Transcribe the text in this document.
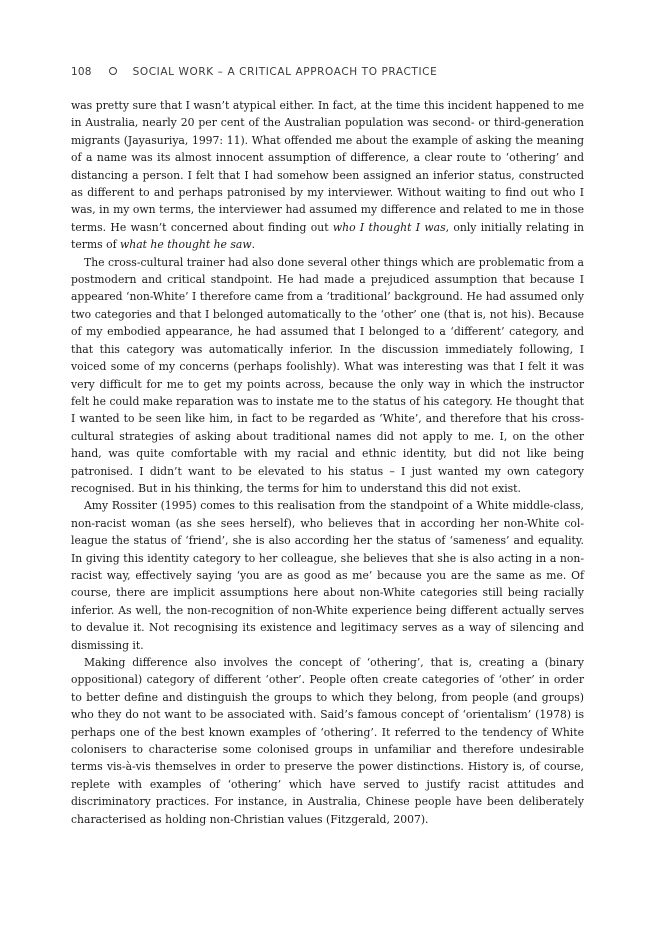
108	SOCIAL WORK – A CRITICAL APPROACH TO PRACTICE

was pretty sure that I wasn’t atypical either. In fact, at the time this incident happened to me in Australia, nearly 20 per cent of the Australian population was second- or third-generation migrants (Jayasuriya, 1997: 11). What offended me about the example of asking the meaning of a name was its almost innocent assumption of difference, a clear route to ‘othering’ and distancing a person. I felt that I had somehow been assigned an inferior status, constructed as different to and perhaps patronised by my interviewer. Without waiting to find out who I was, in my own terms, the interviewer had assumed my difference and related to me in those terms. He wasn’t concerned about finding out who I thought I was, only initially relating in terms of what he thought he saw.

The cross-cultural trainer had also done several other things which are problematic from a postmodern and critical standpoint. He had made a prejudiced assumption that because I appeared ‘non-White’ I therefore came from a ‘traditional’ background. He had assumed only two categories and that I belonged automatically to the ‘other’ one (that is, not his). Because of my embodied appearance, he had assumed that I belonged to a ‘different’ category, and that this category was automatically inferior. In the discussion immediately following, I voiced some of my concerns (perhaps foolishly). What was interesting was that I felt it was very difficult for me to get my points across, because the only way in which the instructor felt he could make reparation was to instate me to the status of his category. He thought that I wanted to be seen like him, in fact to be regarded as ‘White’, and therefore that his cross-cultural strategies of asking about traditional names did not apply to me. I, on the other hand, was quite comfortable with my racial and ethnic identity, but did not like being patronised. I didn’t want to be elevated to his status – I just wanted my own category recognised. But in his thinking, the terms for him to understand this did not exist.

Amy Rossiter (1995) comes to this realisation from the standpoint of a White middle-class, non-racist woman (as she sees herself), who believes that in according her non-White colleague the status of ‘friend’, she is also according her the status of ‘sameness’ and equality. In giving this identity category to her colleague, she believes that she is also acting in a non-racist way, effectively saying ‘you are as good as me’ because you are the same as me. Of course, there are implicit assumptions here about non-White categories still being racially inferior. As well, the non-recognition of non-White experience being different actually serves to devalue it. Not recognising its existence and legitimacy serves as a way of silencing and dismissing it.

Making difference also involves the concept of ‘othering’, that is, creating a (binary oppositional) category of different ‘other’. People often create categories of ‘other’ in order to better define and distinguish the groups to which they belong, from people (and groups) who they do not want to be associated with. Said’s famous concept of ‘orientalism’ (1978) is perhaps one of the best known examples of ‘othering’. It referred to the tendency of White colonisers to characterise some colonised groups in unfamiliar and therefore undesirable terms vis-à-vis themselves in order to preserve the power distinctions. History is, of course, replete with examples of ‘othering’ which have served to justify racist attitudes and discriminatory practices. For instance, in Australia, Chinese people have been deliberately characterised as holding non-Christian values (Fitzgerald, 2007).
